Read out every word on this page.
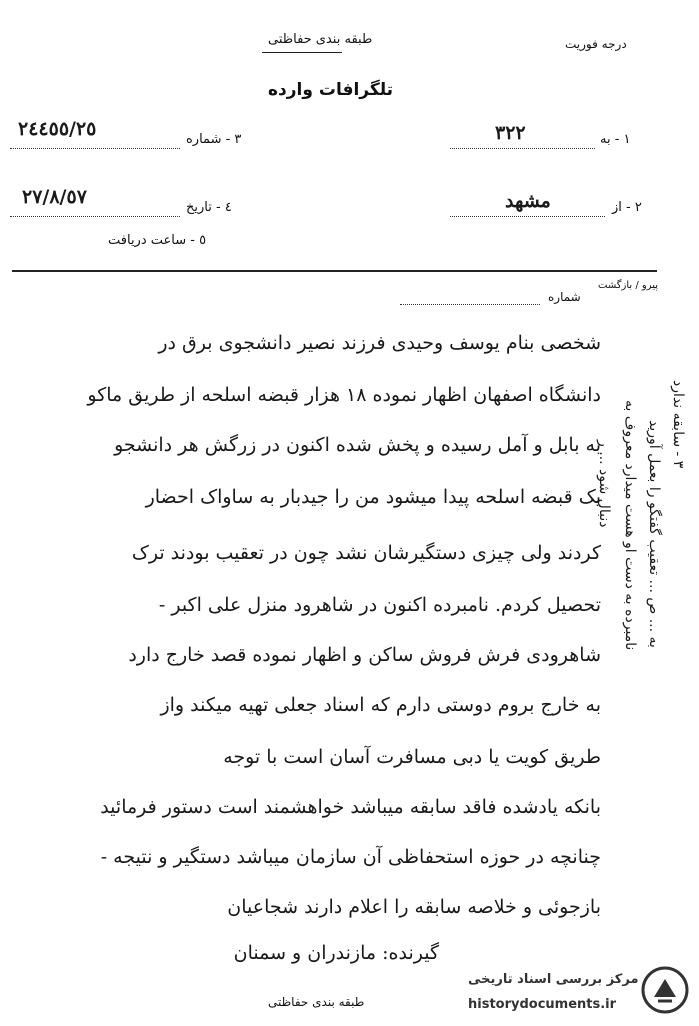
طبقه بندی حفاظتی	درجه فوریت
تلگرافات وارده
١ - به
٣٢٢
٣ - شماره
٢٤٤٥٥/٢٥
٢ - از
مشهد
٤ - تاریخ
٢٧/٨/٥٧
٥ - ساعت دریافت
پیرو / بازگشت
شماره
شخصی بنام یوسف وحیدی فرزند نصیر دانشجوی برق در
دانشگاه اصفهان اظهار نموده ١٨ هزار قبضه اسلحه از طریق ماکو
به بابل و آمل رسیده و پخش شده اکنون در زرگش هر دانشجو
یک قبضه اسلحه پیدا میشود من را جیدبار به ساواک احضار
کردند ولی چیزی دستگیرشان نشد چون در تعقیب بودند ترک
تحصیل کردم. نامبرده اکنون در شاهرود منزل علی اکبر -
شاهرودی فرش فروش ساکن و اظهار نموده قصد خارج دارد
به خارج بروم دوستی دارم که اسناد جعلی تهیه میکند واز
طریق کویت یا دبی مسافرت آسان است با توجه
بانکه یادشده فاقد سابقه میباشد خواهشمند است دستور فرمائید
چنانچه در حوزه استحفاظی آن سازمان میباشد دستگیر و نتیجه -
بازجوئی و خلاصه سابقه را اعلام دارند شجاعیان
گیرنده: مازندران و سمنان
٣ - سابقه ندارد
نامبرده به دست او هست میدارد معروف به به ... ص ... تعقیب گفتگو را بعمل آورید
دنبال شود ... ر
طبقه بندی حفاظتی
مرکز بررسی اسناد تاریخی
historydocuments.ir
